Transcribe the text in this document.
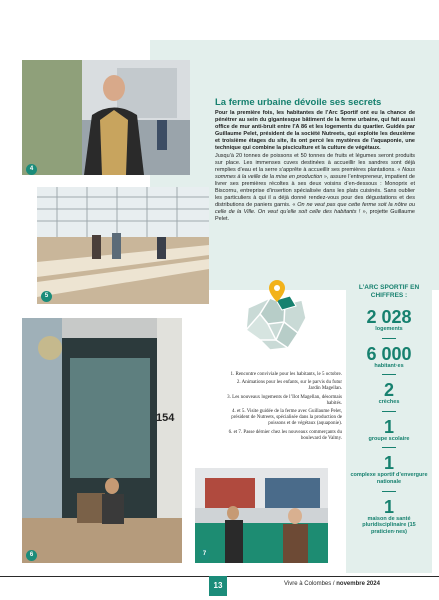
4
5
La ferme urbaine dévoile ses secrets

Pour la première fois, les habitantes de l’Arc Sportif ont eu la chance de pénétrer au sein du gigantesque bâtiment de la ferme urbaine, qui fait aussi office de mur anti-bruit entre l’A 86 et les logements du quartier. Guidés par Guillaume Pelet, président de la société Nutreets, qui exploite les deuxième et troisième étages du site, ils ont percé les mystères de l’aquaponie, une technique qui combine la pisciculture et la culture de végétaux.

Jusqu’à 20 tonnes de poissons et 50 tonnes de fruits et légumes seront produits sur place. Les immenses cuves destinées à accueillir les sandres sont déjà remplies d’eau et la serre s’apprête à accueillir ses premières plantations. « Nous sommes à la veille de la mise en production », assure l’entrepreneur, impatient de livrer ses premières récoltes à ses deux voisins d’en-dessous : Monoprix et Biscornu, entreprise d’insertion spécialisée dans les plats cuisinés. Sans oublier les particuliers à qui il a déjà donné rendez-vous pour des dégustations et des distributions de paniers garnis. « On ne veut pas que cette ferme soit la nôtre ou celle de la Ville. On veut qu’elle soit celle des habitants ! », projette Guillaume Pelet.

L’ARC SPORTIF EN CHIFFRES :
2 028
logements
6 000
habitant·es
2
crèches
1
groupe scolaire
1
complexe sportif d’envergure nationale
1
maison de santé pluridisciplinaire (15 praticien·nes)
154
6
1. Rencontre conviviale pour les habitants, le 5 octobre.
2. Animations pour les enfants, sur le parvis du futur Jardin Magellan.
3. Les nouveaux logements de l’Ilot Magellan, désormais habités.
4. et 5. Visite guidée de la ferme avec Guillaume Pelet, président de Nutreets, spécialisée dans la production de poissons et de végétaux (aquaponie).
6. et 7. Passe dérnier chez les nouveaux commerçants du boulevard de Valmy.
7
13	Vivre à Colombes / novembre 2024
